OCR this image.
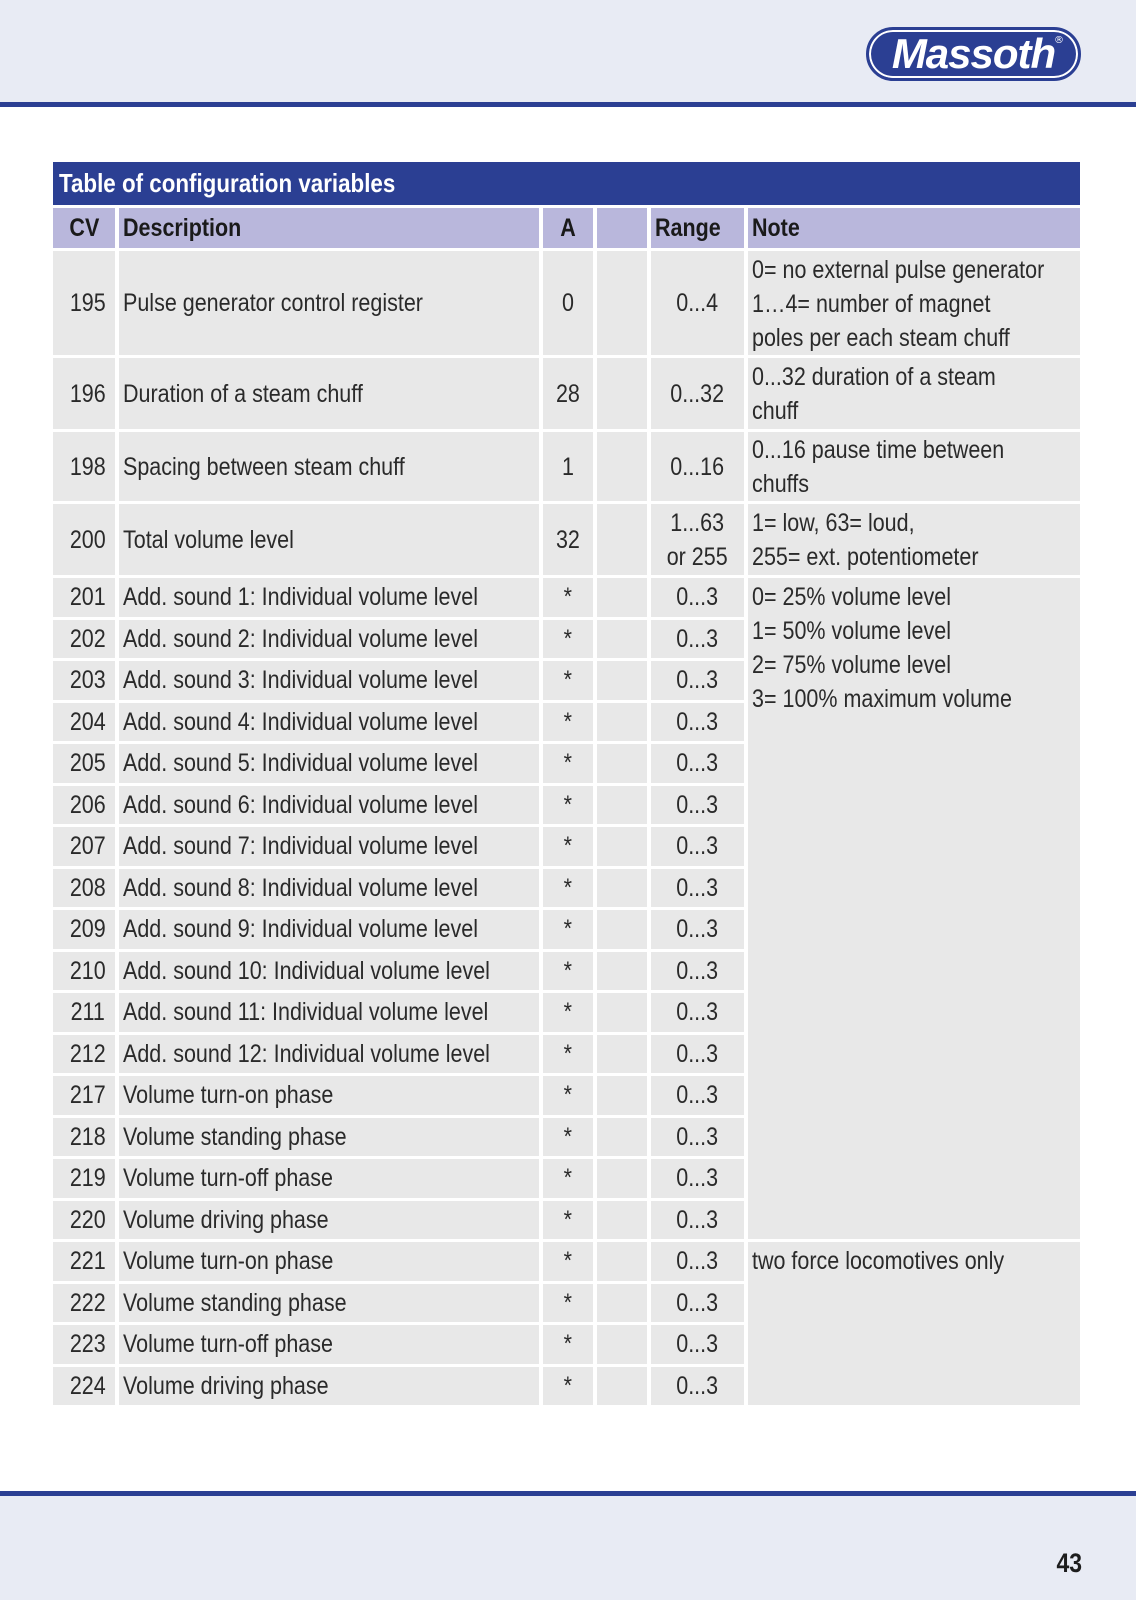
Massoth
®
Table of configuration variables
CV	Description	A		Range	Note
195	Pulse generator control register	0		0...4	0= no external pulse generator
1…4= number of magnet
poles per each steam chuff

196	Duration of a steam chuff	28		0...32	0...32 duration of a steam
chuff

198	Spacing between steam chuff	1		0...16	0...16 pause time between
chuffs

200	Total volume level	32		1...63
or 255	1= low, 63= loud,
255= ext. potentiometer

201	Add. sound 1: Individual volume level	*		0...3	0= 25% volume level
1= 50% volume level
2= 75% volume level
3= 100% maximum volume

202	Add. sound 2: Individual volume level	*		0...3	

203	Add. sound 3: Individual volume level	*		0...3	

204	Add. sound 4: Individual volume level	*		0...3	

205	Add. sound 5: Individual volume level	*		0...3	

206	Add. sound 6: Individual volume level	*		0...3	

207	Add. sound 7: Individual volume level	*		0...3	

208	Add. sound 8: Individual volume level	*		0...3	

209	Add. sound 9: Individual volume level	*		0...3	

210	Add. sound 10: Individual volume level	*		0...3	

211	Add. sound 11: Individual volume level	*		0...3	

212	Add. sound 12: Individual volume level	*		0...3	

217	Volume turn-on phase	*		0...3	

218	Volume standing phase	*		0...3	

219	Volume turn-off phase	*		0...3	

220	Volume driving phase	*		0...3	

221	Volume turn-on phase	*		0...3	two force locomotives only

222	Volume standing phase	*		0...3	

223	Volume turn-off phase	*		0...3	

224	Volume driving phase	*		0...3	
43
